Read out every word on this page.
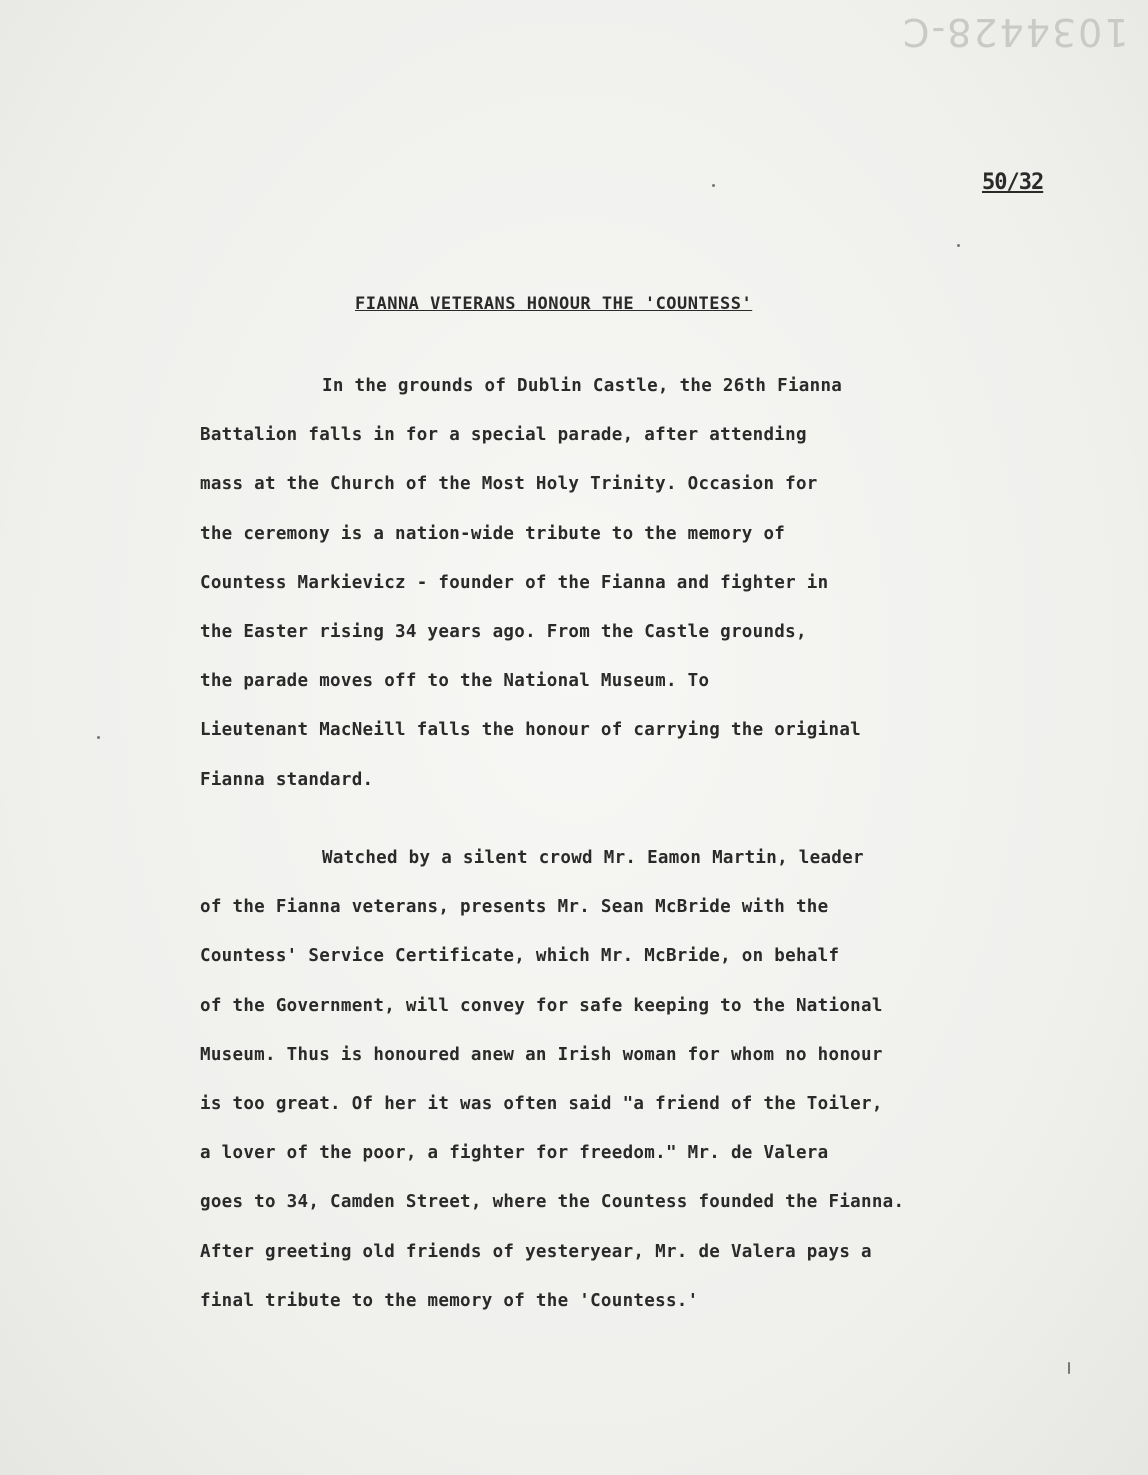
1034428-C
50/32
FIANNA VETERANS HONOUR THE 'COUNTESS'
In the grounds of Dublin Castle, the 26th Fianna
Battalion falls in for a special parade, after attending
mass at the Church of the Most Holy Trinity. Occasion for
the ceremony is a nation-wide tribute to the memory of
Countess Markievicz - founder of the Fianna and fighter in
the Easter rising 34 years ago. From the Castle grounds,
the parade moves off to the National Museum. To
Lieutenant MacNeill falls the honour of carrying the original
Fianna standard.
Watched by a silent crowd Mr. Eamon Martin, leader
of the Fianna veterans, presents Mr. Sean McBride with the
Countess' Service Certificate, which Mr. McBride, on behalf
of the Government, will convey for safe keeping to the National
Museum. Thus is honoured anew an Irish woman for whom no honour
is too great. Of her it was often said "a friend of the Toiler,
a lover of the poor, a fighter for freedom." Mr. de Valera
goes to 34, Camden Street, where the Countess founded the Fianna.
After greeting old friends of yesteryear, Mr. de Valera pays a
final tribute to the memory of the 'Countess.'
